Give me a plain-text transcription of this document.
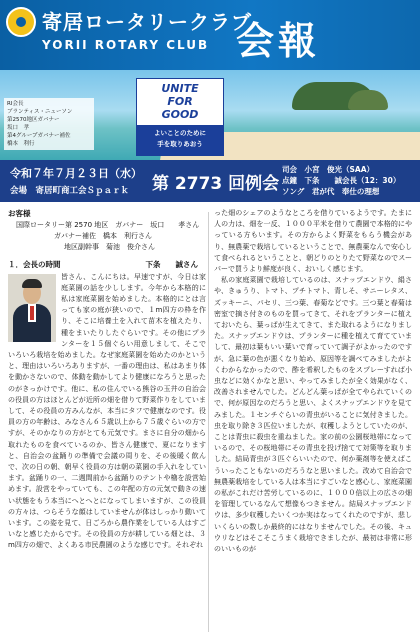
寄居ロータリークラブ
YORII ROTARY CLUB 会報
RI会長
ブランティス・ニューソン
第2570地区ガバナー
坂口　孝
第4グループガバナー補佐
橋本　利行
UNITE
FOR
GOOD
よいことのために
手を取りあおう
令和７年７月２３日（水）
会場　寄居町商工会Ｓｐａｒｋ 第 2773 回例会
司会　小宮　俊光（SAA）
点鐘　下条　　誠会長（12：30）
ソング　君が代　奉仕の理想
お客様
国際ロータリー第 2570 地区　ガバナー　坂口　　孝さん
ガバナー補佐　橋本　利行さん
地区副幹事　菊池　俊介さん
１．会長の時間	下条　　誠さん
皆さん、こんにちは。早速ですが、今日は家庭菜園の話を少しします。今年から本格的に私は家庭菜園を始めました。本格的にとは言っても家の庭が狭いので、１m四方の枠を作り、そこに培養土を入れて苗木を植えたり、種をまいたりしたぐらいです。その他にプランターを１５個ぐらい用意しまして、そこでいろいろ栽培を始めました。なぜ家庭菜園を始めたのかというと、理由はいろいろありますが、一番の理由は、私はあまり体を動かさないので、体動を動かしてより健康になろうと思ったのがきっかけです。他に、私の住んでいる熊谷の玉井の自治会の役員の方はほとんどが近所の畑を借りて野菜作りをしていまして、その役員の方みんなが、本当にタフで健康なのです。役員の方の年齢は、みなさん６５歳以上から７５歳ぐらいの方ですが、そのかなりの方がとても元気です。まさに自分の畑から取れたものを食べているのか、皆さん健康で、夏になりますと、自治会の盆踊りの準備で会議の周りを、その後暖く飲んで、次の日の朝、朝早く役員の方は朝の菜園の手入れをしています。盆踊りの一、二週間前から盆踊りのテントや櫓を設営始めます。設営をやっていても、この年配の方の元気で動きの速い状態をもう本当にへとへとになってしまいますが、この役員の方々は、つらそうな顔はしていませんが体はしっかり動いています。この姿を見て、日ごろから農作業をしている人はすごいなと感じたからです。その役員の方が耕している畑とは、３m四方の畑で、よくある市民農園のような感じです。それぞれ
った畑のシェアのようなところを借りているようです。たまに人の力は、畑を一反、１０００平米を借りて農園で本格的にやっている方もいます。その方からよく野菜をもらう機会があり、無農薬で栽培しているということで、無農薬なんで安心して食べられるということと、朝どりのとりたて野菜なのでスーパーで買うより鮮度が良く、おいしく感じます。
私の家庭菜園で栽培しているのは、スナップエンドウ、絹さや、きゅうり、トマト、プチトマト、青しそ、サニーレタス、ズッキーニ、パセリ、三つ葉、春菊などです。三つ葉と春菊は密室で摘さ付きのものを買ってきて、それをプランターに植えておいたら、葉っぱが生えてきて、また取れるようになりました。スナップエンドウは、プランターに種を植えて育てていまして、最初は葉もいい葉いで育っていて調子がよかったのですが、急に葉の色が悪くなり始め、原因等を調べてみましたがよくわからなかったので、酢を希釈したものをスプレーすれば小虫などに効くかなと思い、やってみましたが全く効果がなく、改善されませんでした。どんどん葉っぱが全てやられていくので、何が原因なのだろうと思い、よくスナップエンドウを見てみました。１センチぐらいの青虫がいることに気付きました。虫を取り除き３匹位いましたが、収穫しようとしていたのが、ことは青虫に殺虫を重ねました。家の前の公園桜地帯になっているので、その桜地帯にその青虫を投げ捨てて対策等を取りました。結局青虫が３匹ぐらいいたので、何か薬剤等を使えばこういったこともないのだろうなと思いました。改めて自治会で無農薬栽培をしている人は本当にすごいなと感心し、家庭菜園の私がこれだけ苦労しているのに、１０００倍以上の広さの畑を管理しているなんて想像もつきません。結局スナップエンドウは、多少収穫したいくつか実はなってくれたのですが、悲しいくらいの数しか最終的にはなりませんでした。その後、キュウリなどはそこそこうまく栽培できましたが、最初は非常に形のいいものが
